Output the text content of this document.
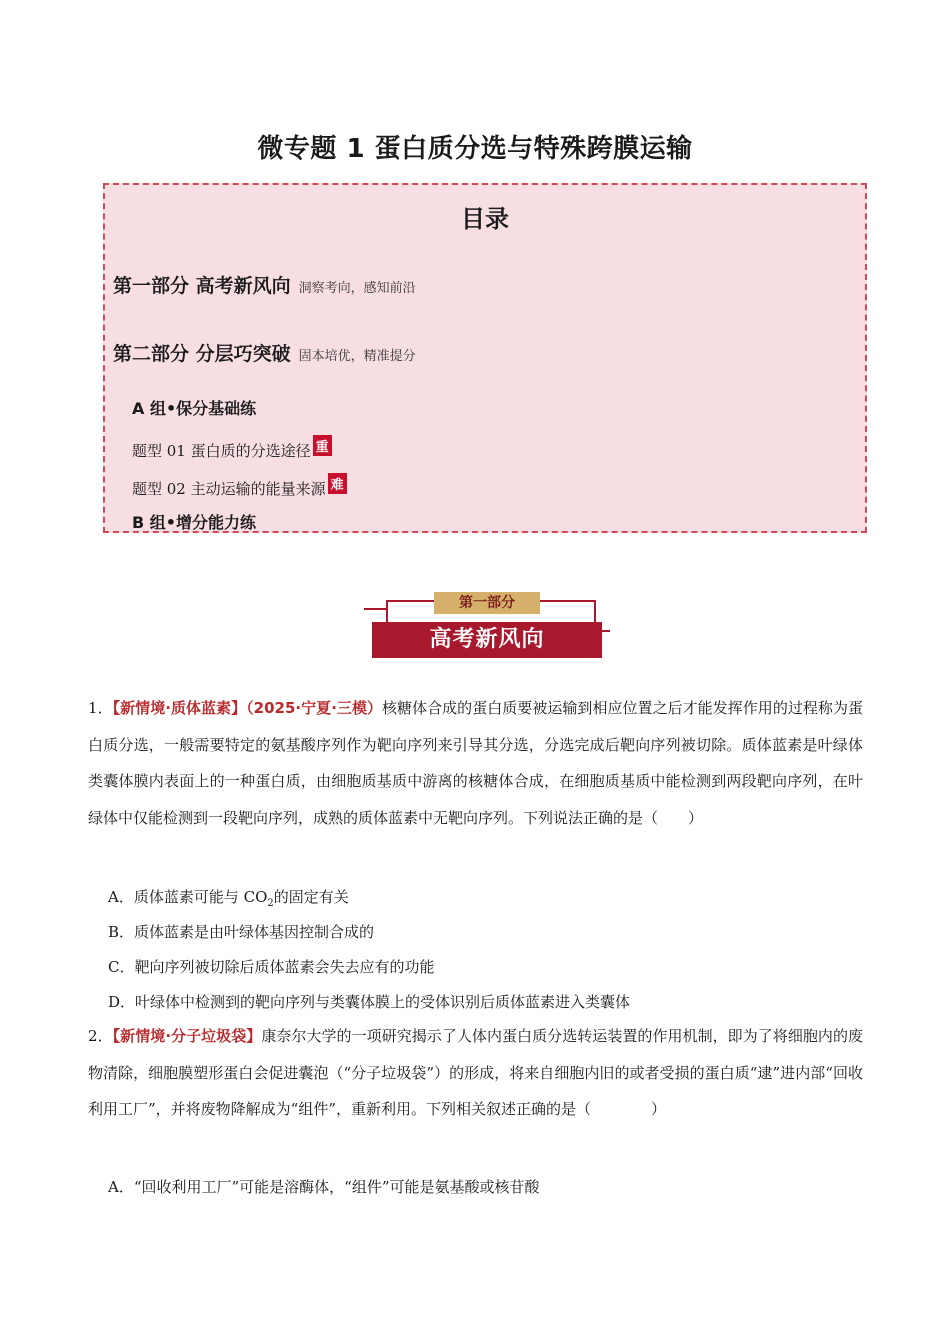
微专题 1 蛋白质分选与特殊跨膜运输
目录
第一部分 高考新风向 洞察考向，感知前沿
第二部分 分层巧突破 固本培优，精准提分
A 组•保分基础练
题型 01 蛋白质的分选途径 重
题型 02 主动运输的能量来源 难
B 组•增分能力练
第一部分
高考新风向
1．【新情境·质体蓝素】（2025·宁夏·三模）核糖体合成的蛋白质要被运输到相应位置之后才能发挥作用的过程称为蛋白质分选，一般需要特定的氨基酸序列作为靶向序列来引导其分选，分选完成后靶向序列被切除。质体蓝素是叶绿体类囊体膜内表面上的一种蛋白质，由细胞质基质中游离的核糖体合成，在细胞质基质中能检测到两段靶向序列，在叶绿体中仅能检测到一段靶向序列，成熟的质体蓝素中无靶向序列。下列说法正确的是（　　）
A．质体蓝素可能与 $CO_2$的固定有关
B．质体蓝素是由叶绿体基因控制合成的
C．靶向序列被切除后质体蓝素会失去应有的功能
D．叶绿体中检测到的靶向序列与类囊体膜上的受体识别后质体蓝素进入类囊体
2．【新情境·分子垃圾袋】康奈尔大学的一项研究揭示了人体内蛋白质分选转运装置的作用机制，即为了将细胞内的废物清除，细胞膜塑形蛋白会促进囊泡（“分子垃圾袋”）的形成，将来自细胞内旧的或者受损的蛋白质“逮”进内部“回收利用工厂”，并将废物降解成为“组件”，重新利用。下列相关叙述正确的是（　　　　）
A．“回收利用工厂”可能是溶酶体，“组件”可能是氨基酸或核苷酸
